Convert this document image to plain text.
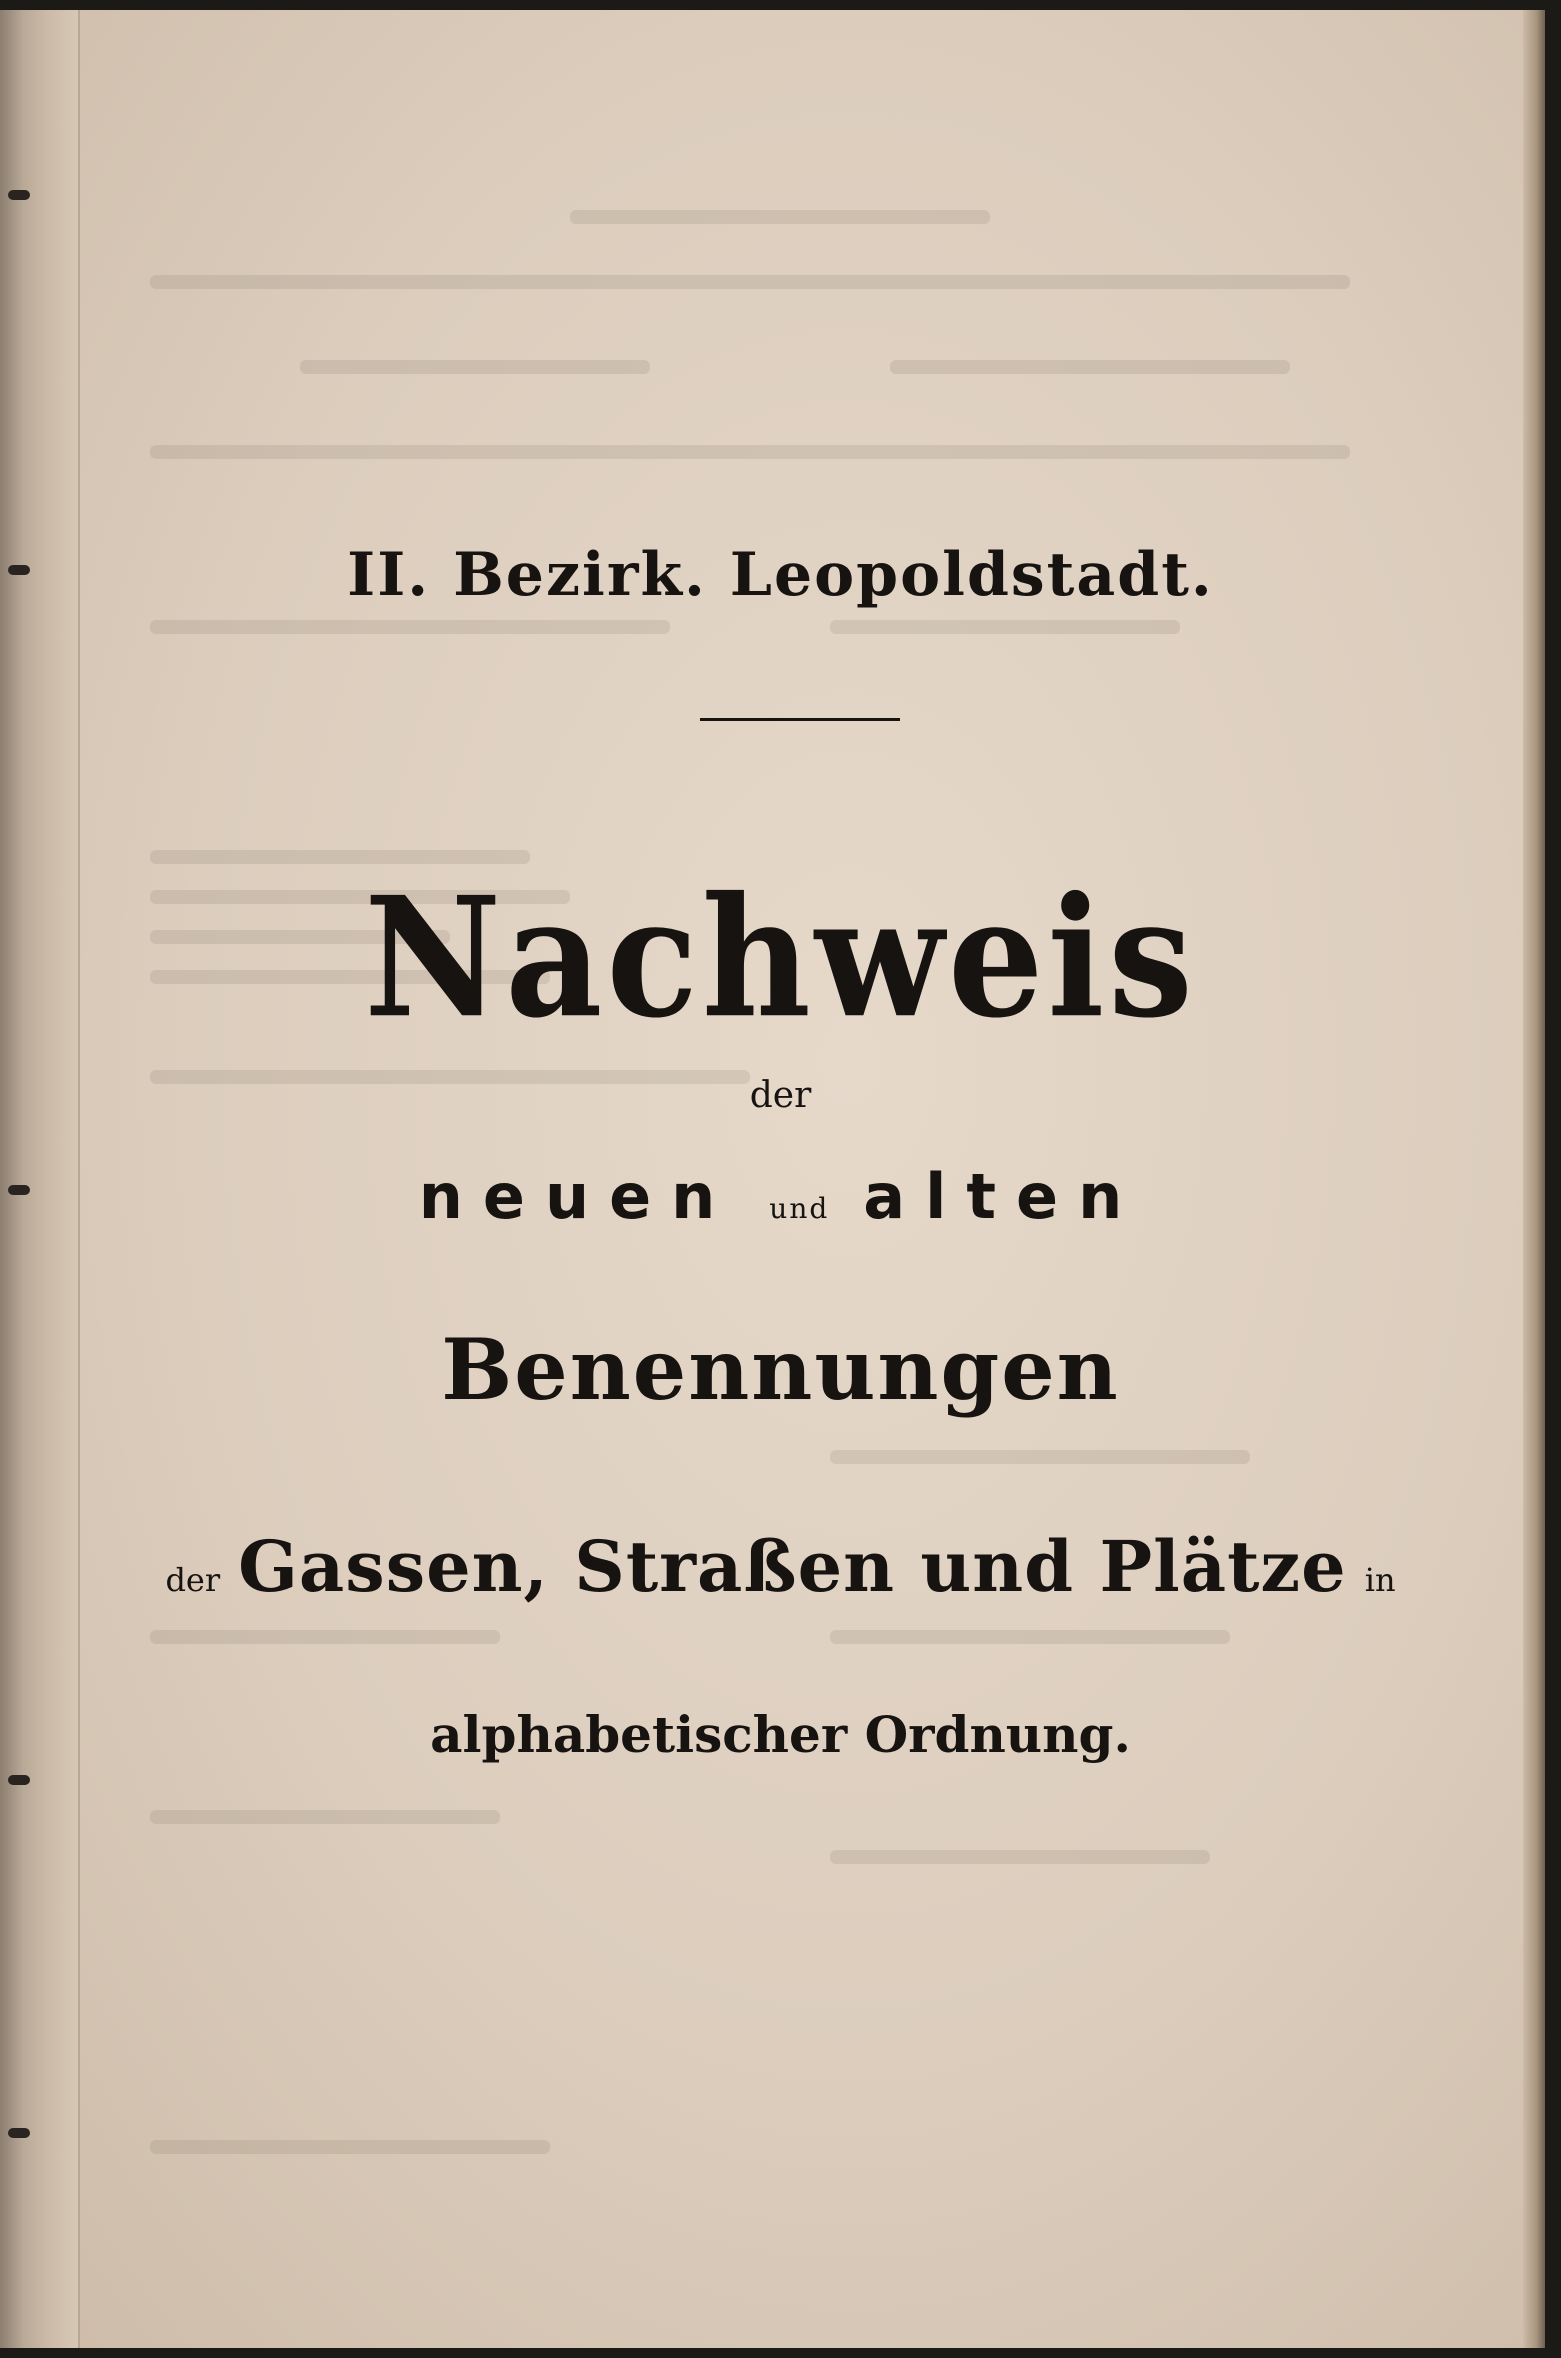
II. Bezirk. Leopoldstadt.
Nachweis
der
neuen und alten
Benennungen
der Gassen, Straßen und Plätze in
alphabetischer Ordnung.
